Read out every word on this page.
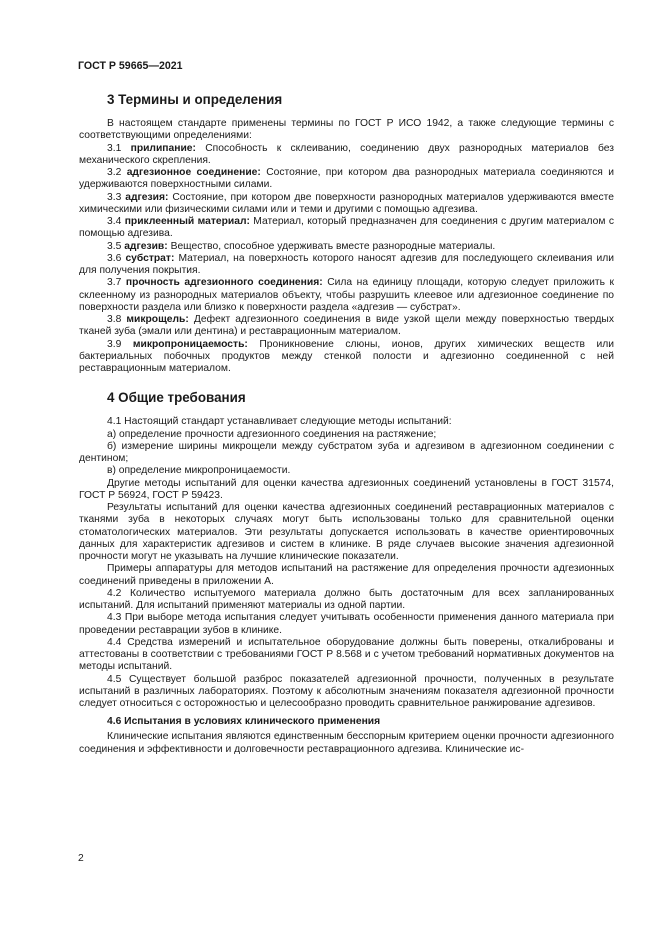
ГОСТ Р 59665—2021
3 Термины и определения

В настоящем стандарте применены термины по ГОСТ Р ИСО 1942, а также следующие термины с соответствующими определениями:

3.1 прилипание: Способность к склеиванию, соединению двух разнородных материалов без механического скрепления.

3.2 адгезионное соединение: Состояние, при котором два разнородных материала соединяются и удерживаются поверхностными силами.

3.3 адгезия: Состояние, при котором две поверхности разнородных материалов удерживаются вместе химическими или физическими силами или и теми и другими с помощью адгезива.

3.4 приклеенный материал: Материал, который предназначен для соединения с другим материалом с помощью адгезива.

3.5 адгезив: Вещество, способное удерживать вместе разнородные материалы.

3.6 субстрат: Материал, на поверхность которого наносят адгезив для последующего склеивания или для получения покрытия.

3.7 прочность адгезионного соединения: Сила на единицу площади, которую следует приложить к склеенному из разнородных материалов объекту, чтобы разрушить клеевое или адгезионное соединение по поверхности раздела или близко к поверхности раздела «адгезив — субстрат».

3.8 микрощель: Дефект адгезионного соединения в виде узкой щели между поверхностью твердых тканей зуба (эмали или дентина) и реставрационным материалом.

3.9 микропроницаемость: Проникновение слюны, ионов, других химических веществ или бактериальных побочных продуктов между стенкой полости и адгезионно соединенной с ней реставрационным материалом.

4 Общие требования

4.1 Настоящий стандарт устанавливает следующие методы испытаний:

а) определение прочности адгезионного соединения на растяжение;

б) измерение ширины микрощели между субстратом зуба и адгезивом в адгезионном соединении с дентином;

в) определение микропроницаемости.

Другие методы испытаний для оценки качества адгезионных соединений установлены в ГОСТ 31574, ГОСТ Р 56924, ГОСТ Р 59423.

Результаты испытаний для оценки качества адгезионных соединений реставрационных материалов с тканями зуба в некоторых случаях могут быть использованы только для сравнительной оценки стоматологических материалов. Эти результаты допускается использовать в качестве ориентировочных данных для характеристик адгезивов и систем в клинике. В ряде случаев высокие значения адгезионной прочности могут не указывать на лучшие клинические показатели.

Примеры аппаратуры для методов испытаний на растяжение для определения прочности адгезионных соединений приведены в приложении А.

4.2 Количество испытуемого материала должно быть достаточным для всех запланированных испытаний. Для испытаний применяют материалы из одной партии.

4.3 При выборе метода испытания следует учитывать особенности применения данного материала при проведении реставрации зубов в клинике.

4.4 Средства измерений и испытательное оборудование должны быть поверены, откалиброваны и аттестованы в соответствии с требованиями ГОСТ Р 8.568 и с учетом требований нормативных документов на методы испытаний.

4.5 Существует большой разброс показателей адгезионной прочности, полученных в результате испытаний в различных лабораториях. Поэтому к абсолютным значениям показателя адгезионной прочности следует относиться с осторожностью и целесообразно проводить сравнительное ранжирование адгезивов.

4.6 Испытания в условиях клинического применения

Клинические испытания являются единственным бесспорным критерием оценки прочности адгезионного соединения и эффективности и долговечности реставрационного адгезива. Клинические ис-

2
